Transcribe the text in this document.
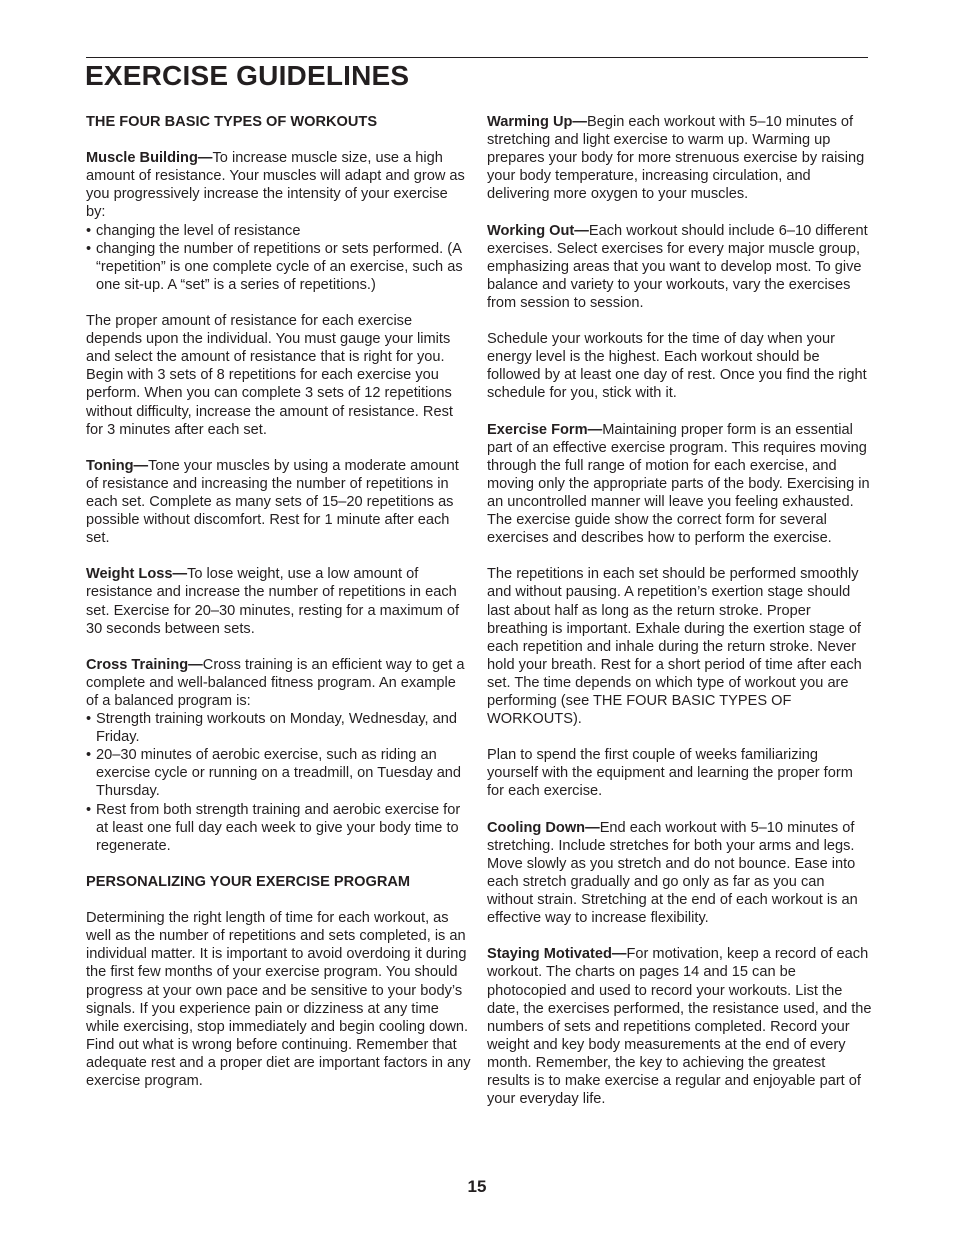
EXERCISE GUIDELINES
THE FOUR BASIC TYPES OF WORKOUTS

Muscle Building—To increase muscle size, use a high amount of resistance. Your muscles will adapt and grow as you progressively increase the intensity of your exercise by:

• changing the level of resistance
• changing the number of repetitions or sets performed. (A “repetition” is one complete cycle of an exercise, such as one sit-up. A “set” is a series of repetitions.)

The proper amount of resistance for each exercise depends upon the individual. You must gauge your limits and select the amount of resistance that is right for you. Begin with 3 sets of 8 repetitions for each exercise you perform. When you can complete 3 sets of 12 repetitions without difficulty, increase the amount of resistance. Rest for 3 minutes after each set.

Toning—Tone your muscles by using a moderate amount of resistance and increasing the number of repetitions in each set. Complete as many sets of 15–20 repetitions as possible without discomfort. Rest for 1 minute after each set.

Weight Loss—To lose weight, use a low amount of resistance and increase the number of repetitions in each set. Exercise for 20–30 minutes, resting for a maximum of 30 seconds between sets.

Cross Training—Cross training is an efficient way to get a complete and well-balanced fitness program. An example of a balanced program is:

• Strength training workouts on Monday, Wednesday, and Friday.
• 20–30 minutes of aerobic exercise, such as riding an exercise cycle or running on a treadmill, on Tuesday and Thursday.
• Rest from both strength training and aerobic exercise for at least one full day each week to give your body time to regenerate.
PERSONALIZING YOUR EXERCISE PROGRAM

Determining the right length of time for each workout, as well as the number of repetitions and sets completed, is an individual matter. It is important to avoid overdoing it during the first few months of your exercise program. You should progress at your own pace and be sensitive to your body’s signals. If you experience pain or dizziness at any time while exercising, stop immediately and begin cooling down. Find out what is wrong before continuing. Remember that adequate rest and a proper diet are important factors in any exercise program.

Warming Up—Begin each workout with 5–10 minutes of stretching and light exercise to warm up. Warming up prepares your body for more strenuous exercise by raising your body temperature, increasing circulation, and delivering more oxygen to your muscles.

Working Out—Each workout should include 6–10 different exercises. Select exercises for every major muscle group, emphasizing areas that you want to develop most. To give balance and variety to your workouts, vary the exercises from session to session.

Schedule your workouts for the time of day when your energy level is the highest. Each workout should be followed by at least one day of rest. Once you find the right schedule for you, stick with it.

Exercise Form—Maintaining proper form is an essential part of an effective exercise program. This requires moving through the full range of motion for each exercise, and moving only the appropriate parts of the body. Exercising in an uncontrolled manner will leave you feeling exhausted. The exercise guide show the correct form for several exercises and describes how to perform the exercise.

The repetitions in each set should be performed smoothly and without pausing. A repetition’s exertion stage should last about half as long as the return stroke. Proper breathing is important. Exhale during the exertion stage of each repetition and inhale during the return stroke. Never hold your breath. Rest for a short period of time after each set. The time depends on which type of workout you are performing (see THE FOUR BASIC TYPES OF WORKOUTS).

Plan to spend the first couple of weeks familiarizing yourself with the equipment and learning the proper form for each exercise.

Cooling Down—End each workout with 5–10 minutes of stretching. Include stretches for both your arms and legs. Move slowly as you stretch and do not bounce. Ease into each stretch gradually and go only as far as you can without strain. Stretching at the end of each workout is an effective way to increase flexibility.

Staying Motivated—For motivation, keep a record of each workout. The charts on pages 14 and 15 can be photocopied and used to record your workouts. List the date, the exercises performed, the resistance used, and the numbers of sets and repetitions completed. Record your weight and key body measurements at the end of every month. Remember, the key to achieving the greatest results is to make exercise a regular and enjoyable part of your everyday life.

15
